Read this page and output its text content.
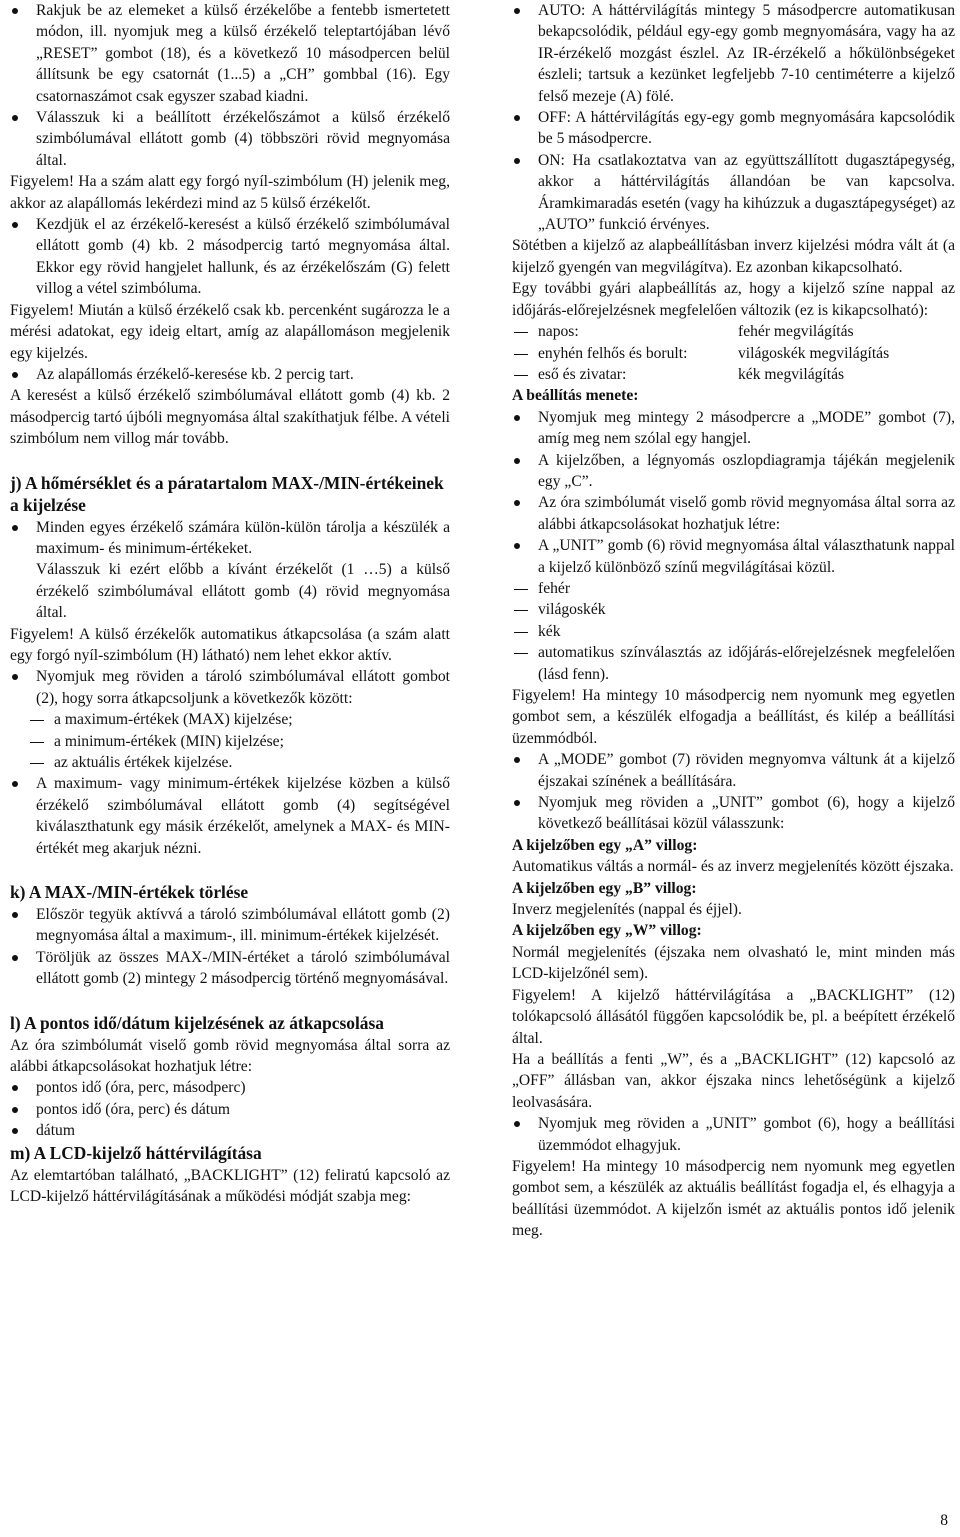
Rakjuk be az elemeket a külső érzékelőbe a fentebb ismertetett módon, ill. nyomjuk meg a külső érzékelő teleptartójában lévő „RESET” gombot (18), és a következő 10 másodpercen belül állítsunk be egy csatornát (1...5) a „CH” gombbal (16). Egy csatornaszámot csak egyszer szabad kiadni.
Válasszuk ki a beállított érzékelőszámot a külső érzékelő szimbólumával ellátott gomb (4) többszöri rövid megnyomása által.

Figyelem! Ha a szám alatt egy forgó nyíl-szimbólum (H) jelenik meg, akkor az alapállomás lekérdezi mind az 5 külső érzékelőt.

Kezdjük el az érzékelő-keresést a külső érzékelő szimbólumával ellátott gomb (4) kb. 2 másodpercig tartó megnyomása által. Ekkor egy rövid hangjelet hallunk, és az érzékelőszám (G) felett villog a vétel szimbóluma.

Figyelem! Miután a külső érzékelő csak kb. percenként sugározza le a mérési adatokat, egy ideig eltart, amíg az alapállomáson megjelenik egy kijelzés.

Az alapállomás érzékelő-keresése kb. 2 percig tart.

A keresést a külső érzékelő szimbólumával ellátott gomb (4) kb. 2 másodpercig tartó újbóli megnyomása által szakíthatjuk félbe. A vételi szimbólum nem villog már tovább.

j) A hőmérséklet és a páratartalom MAX-/MIN-értékeinek a kijelzése
Minden egyes érzékelő számára külön-külön tárolja a készülék a maximum- és minimum-értékeket.

Válasszuk ki ezért előbb a kívánt érzékelőt (1 …5) a külső érzékelő szimbólumával ellátott gomb (4) rövid megnyomása által.

Figyelem! A külső érzékelők automatikus átkapcsolása (a szám alatt egy forgó nyíl-szimbólum (H) látható) nem lehet ekkor aktív.

Nyomjuk meg röviden a tároló szimbólumával ellátott gombot (2), hogy sorra átkapcsoljunk a következők között:
a maximum-értékek (MAX) kijelzése;
a minimum-értékek (MIN) kijelzése;
az aktuális értékek kijelzése.
A maximum- vagy minimum-értékek kijelzése közben a külső érzékelő szimbólumával ellátott gomb (4) segítségével kiválaszthatunk egy másik érzékelőt, amelynek a MAX- és MIN-értékét meg akarjuk nézni.
k) A MAX-/MIN-értékek törlése
Először tegyük aktívvá a tároló szimbólumával ellátott gomb (2) megnyomása által a maximum-, ill. minimum-értékek kijelzését.
Töröljük az összes MAX-/MIN-értéket a tároló szimbólumával ellátott gomb (2) mintegy 2 másodpercig történő megnyomásával.
l) A pontos idő/dátum kijelzésének az átkapcsolása

Az óra szimbólumát viselő gomb rövid megnyomása által sorra az alábbi átkapcsolásokat hozhatjuk létre:

pontos idő (óra, perc, másodperc)
pontos idő (óra, perc) és dátum
dátum
m) A LCD-kijelző háttérvilágítása

Az elemtartóban található, „BACKLIGHT” (12) feliratú kapcsoló az LCD-kijelző háttérvilágításának a működési módját szabja meg:

AUTO: A háttérvilágítás mintegy 5 másodpercre automatikusan bekapcsolódik, például egy-egy gomb megnyomására, vagy ha az IR-érzékelő mozgást észlel. Az IR-érzékelő a hőkülönbségeket észleli; tartsuk a kezünket legfeljebb 7-10 centiméterre a kijelző felső mezeje (A) fölé.
OFF: A háttérvilágítás egy-egy gomb megnyomására kapcsolódik be 5 másodpercre.
ON: Ha csatlakoztatva van az együttszállított dugasztápegység, akkor a háttérvilágítás állandóan be van kapcsolva. Áramkimaradás esetén (vagy ha kihúzzuk a dugasztápegységet) az „AUTO” funkció érvényes.

Sötétben a kijelző az alapbeállításban inverz kijelzési módra vált át (a kijelző gyengén van megvilágítva). Ez azonban kikapcsolható.

Egy további gyári alapbeállítás az, hogy a kijelző színe nappal az időjárás-előrejelzésnek megfelelően változik (ez is kikapcsolható):

napos:	fehér megvilágítás
enyhén felhős és borult:	világoskék megvilágítás
eső és zivatar:	kék megvilágítás

A beállítás menete:

Nyomjuk meg mintegy 2 másodpercre a „MODE” gombot (7), amíg meg nem szólal egy hangjel.
A kijelzőben, a légnyomás oszlopdiagramja tájékán megjelenik egy „C”.
Az óra szimbólumát viselő gomb rövid megnyomása által sorra az alábbi átkapcsolásokat hozhatjuk létre:
A „UNIT” gomb (6) rövid megnyomása által választhatunk nappal a kijelző különböző színű megvilágításai közül.
fehér
világoskék
kék
automatikus színválasztás az időjárás-előrejelzésnek megfelelően (lásd fenn).

Figyelem! Ha mintegy 10 másodpercig nem nyomunk meg egyetlen gombot sem, a készülék elfogadja a beállítást, és kilép a beállítási üzemmódból.

A „MODE” gombot (7) röviden megnyomva váltunk át a kijelző éjszakai színének a beállítására.
Nyomjuk meg röviden a „UNIT” gombot (6), hogy a kijelző következő beállításai közül válasszunk:

A kijelzőben egy „A” villog:

Automatikus váltás a normál- és az inverz megjelenítés között éjszaka.

A kijelzőben egy „B” villog:

Inverz megjelenítés (nappal és éjjel).

A kijelzőben egy „W” villog:

Normál megjelenítés (éjszaka nem olvasható le, mint minden más LCD-kijelzőnél sem).

Figyelem! A kijelző háttérvilágítása a „BACKLIGHT” (12) tolókapcsoló állásától függően kapcsolódik be, pl. a beépített érzékelő által.

Ha a beállítás a fenti „W”, és a „BACKLIGHT” (12) kapcsoló az „OFF” állásban van, akkor éjszaka nincs lehetőségünk a kijelző leolvasására.

Nyomjuk meg röviden a „UNIT” gombot (6), hogy a beállítási üzemmódot elhagyjuk.

Figyelem! Ha mintegy 10 másodpercig nem nyomunk meg egyetlen gombot sem, a készülék az aktuális beállítást fogadja el, és elhagyja a beállítási üzemmódot. A kijelzőn ismét az aktuális pontos idő jelenik meg.

8
